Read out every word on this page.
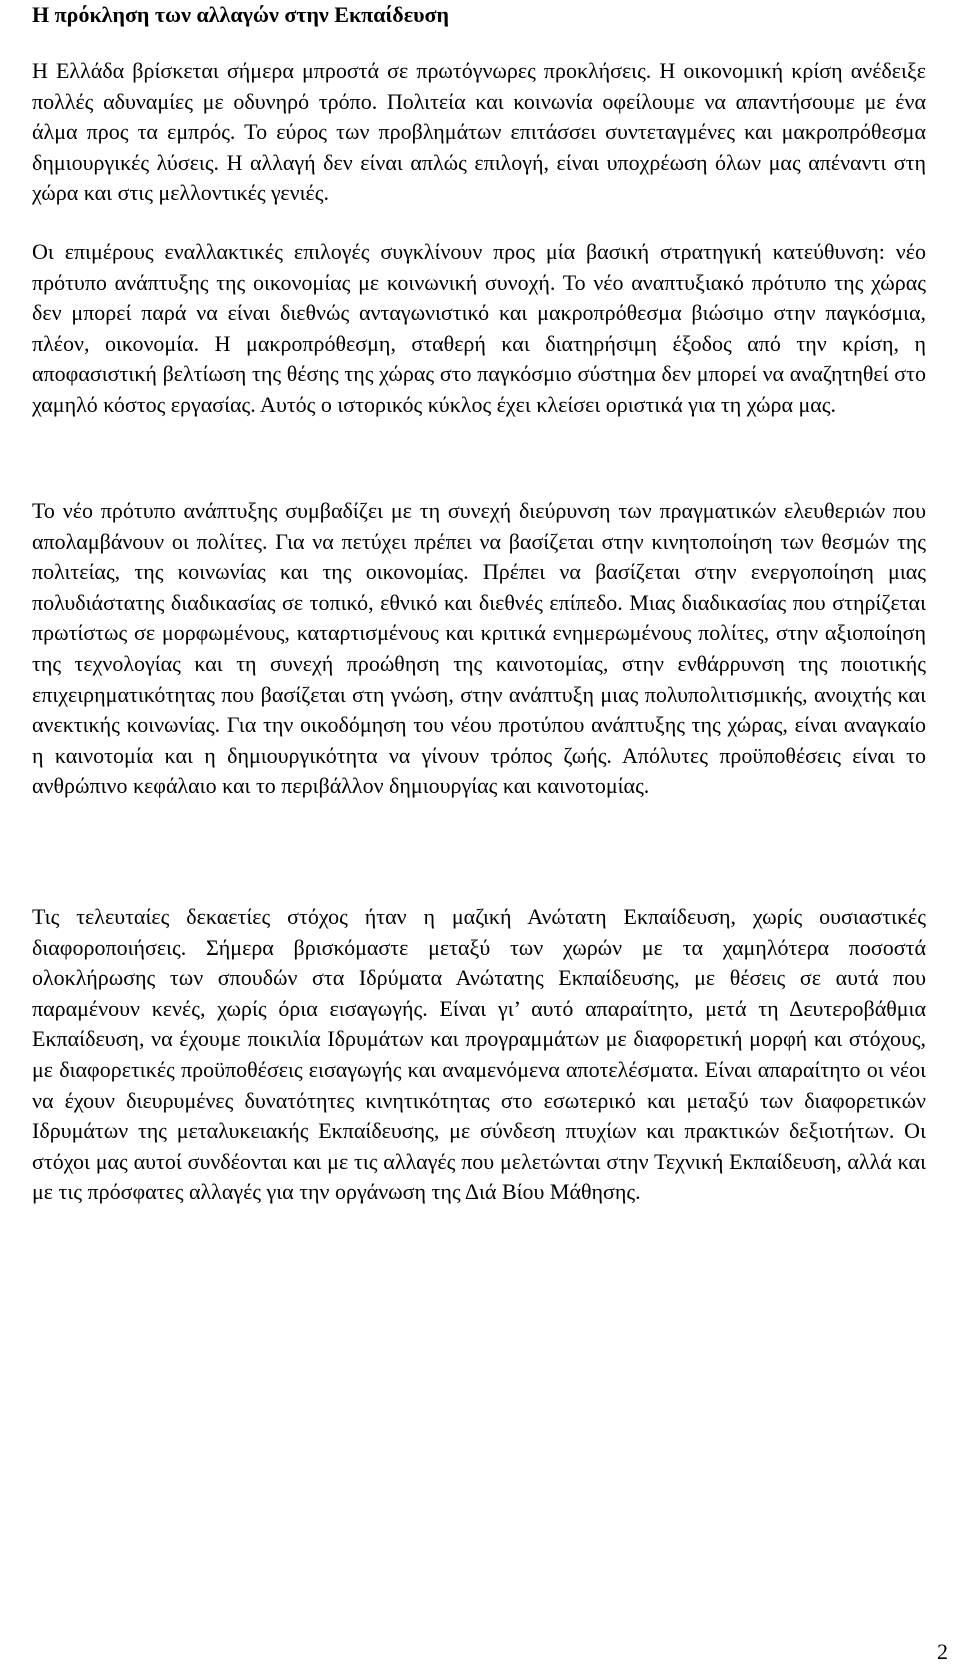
Η πρόκληση των αλλαγών στην Εκπαίδευση

Η Ελλάδα βρίσκεται σήμερα μπροστά σε πρωτόγνωρες προκλήσεις. Η οικονομική κρίση ανέδειξε πολλές αδυναμίες με οδυνηρό τρόπο. Πολιτεία και κοινωνία οφείλουμε να απαντήσουμε με ένα άλμα προς τα εμπρός. Το εύρος των προβλημάτων επιτάσσει συντεταγμένες και μακροπρόθεσμα δημιουργικές λύσεις. Η αλλαγή δεν είναι απλώς επιλογή, είναι υποχρέωση όλων μας απέναντι στη χώρα και στις μελλοντικές γενιές.

Οι επιμέρους εναλλακτικές επιλογές συγκλίνουν προς μία βασική στρατηγική κατεύθυνση: νέο πρότυπο ανάπτυξης της οικονομίας με κοινωνική συνοχή. Το νέο αναπτυξιακό πρότυπο της χώρας δεν μπορεί παρά να είναι διεθνώς ανταγωνιστικό και μακροπρόθεσμα βιώσιμο στην παγκόσμια, πλέον, οικονομία. Η μακροπρόθεσμη, σταθερή και διατηρήσιμη έξοδος από την κρίση, η αποφασιστική βελτίωση της θέσης της χώρας στο παγκόσμιο σύστημα δεν μπορεί να αναζητηθεί στο χαμηλό κόστος εργασίας. Αυτός ο ιστορικός κύκλος έχει κλείσει οριστικά για τη χώρα μας.

Το νέο πρότυπο ανάπτυξης συμβαδίζει με τη συνεχή διεύρυνση των πραγματικών ελευθεριών που απολαμβάνουν οι πολίτες. Για να πετύχει πρέπει να βασίζεται στην κινητοποίηση των θεσμών της πολιτείας, της κοινωνίας και της οικονομίας. Πρέπει να βασίζεται στην ενεργοποίηση μιας πολυδιάστατης διαδικασίας σε τοπικό, εθνικό και διεθνές επίπεδο. Μιας διαδικασίας που στηρίζεται πρωτίστως σε μορφωμένους, καταρτισμένους και κριτικά ενημερωμένους πολίτες, στην αξιοποίηση της τεχνολογίας και τη συνεχή προώθηση της καινοτομίας, στην ενθάρρυνση της ποιοτικής επιχειρηματικότητας που βασίζεται στη γνώση, στην ανάπτυξη μιας πολυπολιτισμικής, ανοιχτής και ανεκτικής κοινωνίας. Για την οικοδόμηση του νέου προτύπου ανάπτυξης της χώρας, είναι αναγκαίο η καινοτομία και η δημιουργικότητα να γίνουν τρόπος ζωής. Απόλυτες προϋποθέσεις είναι το ανθρώπινο κεφάλαιο και το περιβάλλον δημιουργίας και καινοτομίας.

Τις τελευταίες δεκαετίες στόχος ήταν η μαζική Ανώτατη Εκπαίδευση, χωρίς ουσιαστικές διαφοροποιήσεις. Σήμερα βρισκόμαστε μεταξύ των χωρών με τα χαμηλότερα ποσοστά ολοκλήρωσης των σπουδών στα Ιδρύματα Ανώτατης Εκπαίδευσης, με θέσεις σε αυτά που παραμένουν κενές, χωρίς όρια εισαγωγής. Είναι γι’ αυτό απαραίτητο, μετά τη Δευτεροβάθμια Εκπαίδευση, να έχουμε ποικιλία Ιδρυμάτων και προγραμμάτων με διαφορετική μορφή και στόχους, με διαφορετικές προϋποθέσεις εισαγωγής και αναμενόμενα αποτελέσματα. Είναι απαραίτητο οι νέοι να έχουν διευρυμένες δυνατότητες κινητικότητας στο εσωτερικό και μεταξύ των διαφορετικών Ιδρυμάτων της μεταλυκειακής Εκπαίδευσης, με σύνδεση πτυχίων και πρακτικών δεξιοτήτων. Οι στόχοι μας αυτοί συνδέονται και με τις αλλαγές που μελετώνται στην Τεχνική Εκπαίδευση, αλλά και με τις πρόσφατες αλλαγές για την οργάνωση της Διά Βίου Μάθησης.

2
